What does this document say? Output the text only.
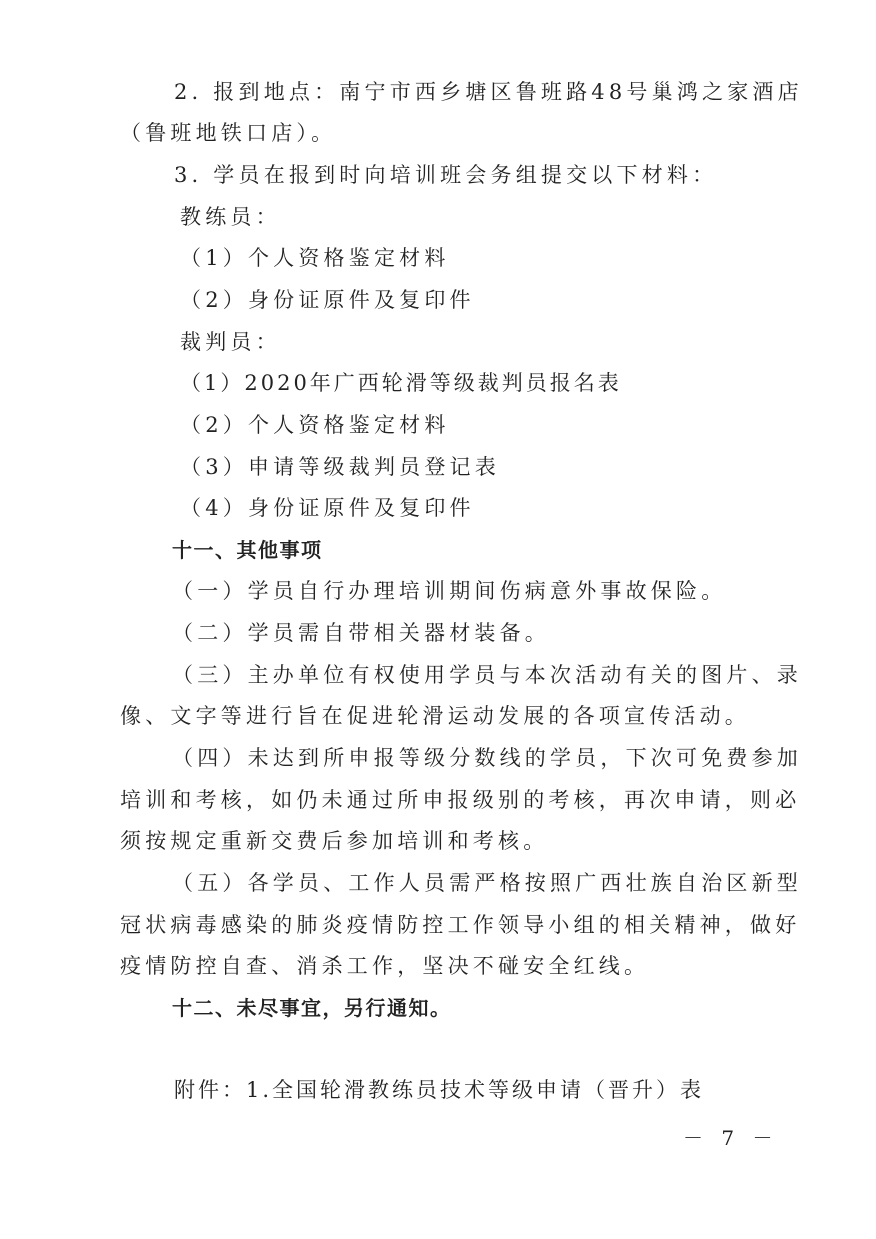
2. 报到地点：南宁市西乡塘区鲁班路48号巢鸿之家酒店
（鲁班地铁口店）。
3. 学员在报到时向培训班会务组提交以下材料：
教练员：
（1）个人资格鉴定材料
（2）身份证原件及复印件
裁判员：
（1）2020年广西轮滑等级裁判员报名表
（2）个人资格鉴定材料
（3）申请等级裁判员登记表
（4）身份证原件及复印件
十一、其他事项
（一）学员自行办理培训期间伤病意外事故保险。
（二）学员需自带相关器材装备。
（三）主办单位有权使用学员与本次活动有关的图片、录
像、文字等进行旨在促进轮滑运动发展的各项宣传活动。
（四）未达到所申报等级分数线的学员，下次可免费参加
培训和考核，如仍未通过所申报级别的考核，再次申请，则必
须按规定重新交费后参加培训和考核。
（五）各学员、工作人员需严格按照广西壮族自治区新型
冠状病毒感染的肺炎疫情防控工作领导小组的相关精神，做好
疫情防控自查、消杀工作，坚决不碰安全红线。
十二、未尽事宜，另行通知。
附件：1.全国轮滑教练员技术等级申请（晋升）表
－ 7 －
